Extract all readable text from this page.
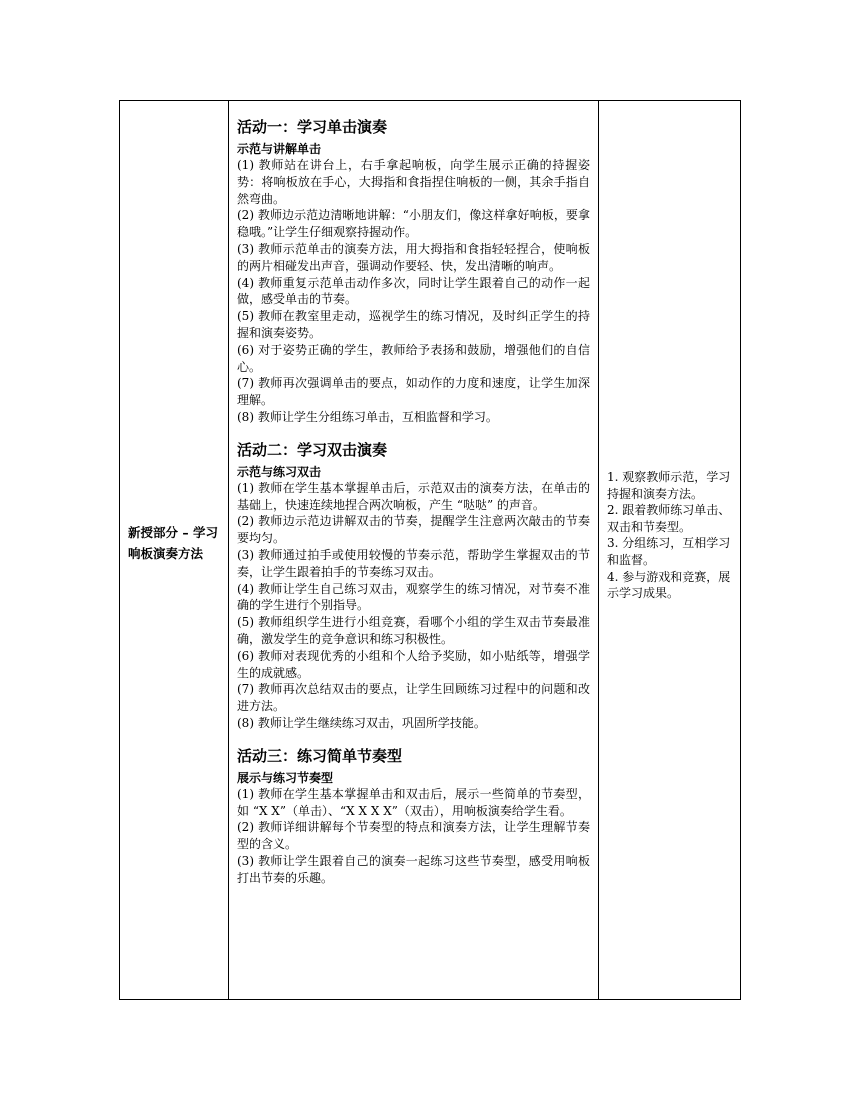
新授部分 – 学习响板演奏方法

活动一：学习单击演奏

示范与讲解单击

(1) 教师站在讲台上，右手拿起响板，向学生展示正确的持握姿势：将响板放在手心，大拇指和食指捏住响板的一侧，其余手指自然弯曲。

(2) 教师边示范边清晰地讲解：“小朋友们，像这样拿好响板，要拿稳哦。”让学生仔细观察持握动作。

(3) 教师示范单击的演奏方法，用大拇指和食指轻轻捏合，使响板的两片相碰发出声音，强调动作要轻、快，发出清晰的响声。

(4) 教师重复示范单击动作多次，同时让学生跟着自己的动作一起做，感受单击的节奏。

(5) 教师在教室里走动，巡视学生的练习情况，及时纠正学生的持握和演奏姿势。

(6) 对于姿势正确的学生，教师给予表扬和鼓励，增强他们的自信心。

(7) 教师再次强调单击的要点，如动作的力度和速度，让学生加深理解。

(8) 教师让学生分组练习单击，互相监督和学习。

活动二：学习双击演奏

示范与练习双击

(1) 教师在学生基本掌握单击后，示范双击的演奏方法，在单击的基础上，快速连续地捏合两次响板，产生 “哒哒” 的声音。

(2) 教师边示范边讲解双击的节奏，提醒学生注意两次敲击的节奏要均匀。

(3) 教师通过拍手或使用较慢的节奏示范，帮助学生掌握双击的节奏，让学生跟着拍手的节奏练习双击。

(4) 教师让学生自己练习双击，观察学生的练习情况，对节奏不准确的学生进行个别指导。

(5) 教师组织学生进行小组竞赛，看哪个小组的学生双击节奏最准确，激发学生的竞争意识和练习积极性。

(6) 教师对表现优秀的小组和个人给予奖励，如小贴纸等，增强学生的成就感。

(7) 教师再次总结双击的要点，让学生回顾练习过程中的问题和改进方法。

(8) 教师让学生继续练习双击，巩固所学技能。

活动三：练习简单节奏型

展示与练习节奏型

(1) 教师在学生基本掌握单击和双击后，展示一些简单的节奏型，如 “X X”（单击）、“X X X X”（双击），用响板演奏给学生看。

(2) 教师详细讲解每个节奏型的特点和演奏方法，让学生理解节奏型的含义。

(3) 教师让学生跟着自己的演奏一起练习这些节奏型，感受用响板打出节奏的乐趣。

1. 观察教师示范，学习持握和演奏方法。

2. 跟着教师练习单击、双击和节奏型。

3. 分组练习，互相学习和监督。

4. 参与游戏和竞赛，展示学习成果。
